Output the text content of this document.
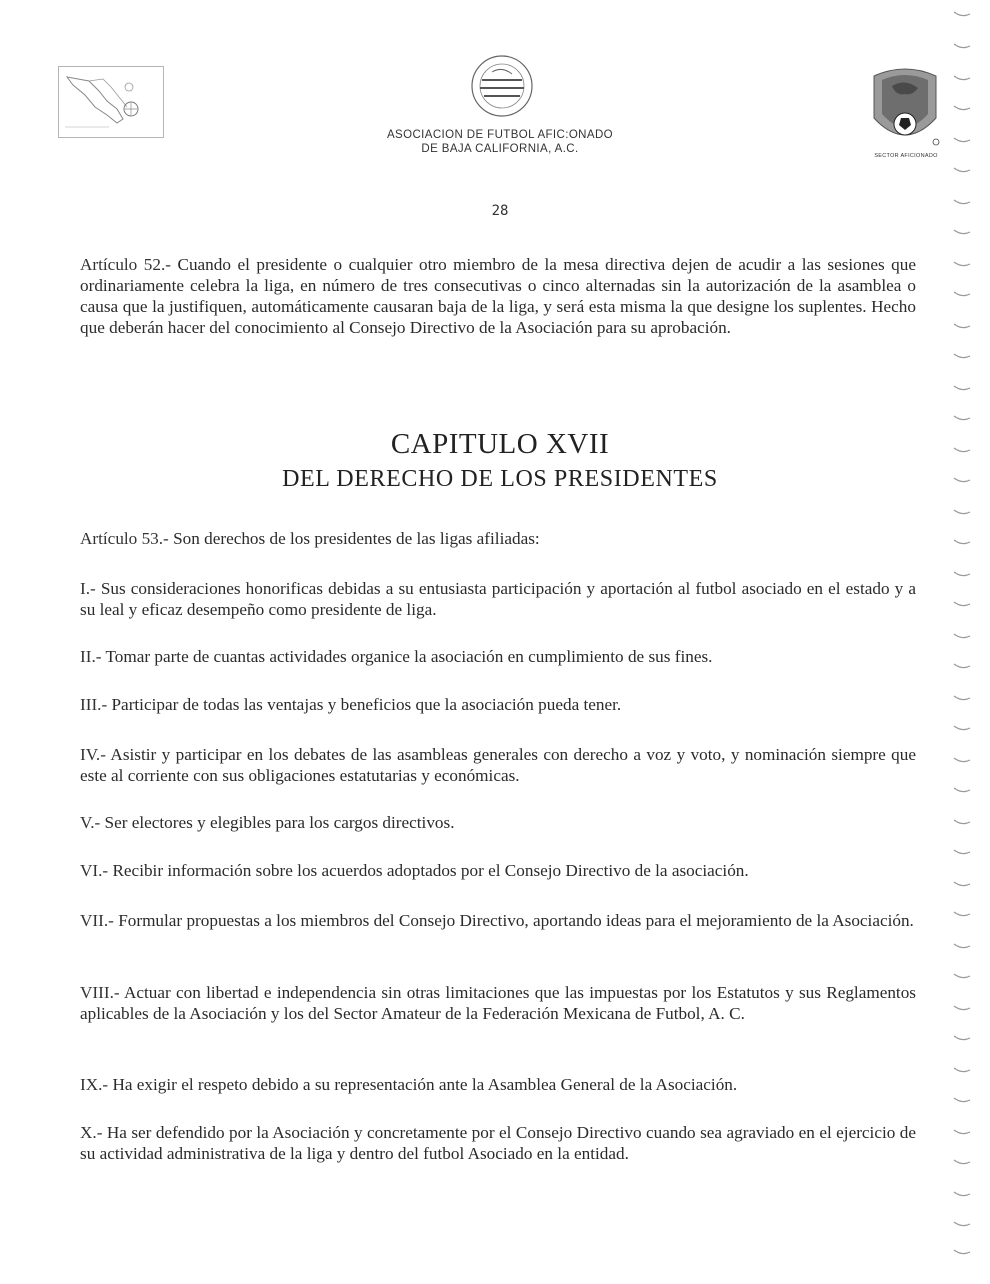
ASOCIACION DE FUTBOL AFIC:ONADO
DE BAJA CALIFORNIA, A.C.
SECTOR AFICIONADO
28
Artículo 52.- Cuando el presidente o cualquier otro miembro de la mesa directiva dejen de acudir a las sesiones que ordinariamente celebra la liga, en número de tres consecutivas o cinco alternadas sin la autorización de la asamblea o causa que la justifiquen, automáticamente causaran baja de la liga, y será esta misma la que designe los suplentes. Hecho que deberán hacer del conocimiento al Consejo Directivo de la Asociación para su aprobación.
CAPITULO XVII
DEL DERECHO DE LOS PRESIDENTES
Artículo 53.- Son derechos de los presidentes de las ligas afiliadas:
I.- Sus consideraciones honorificas debidas a su entusiasta participación y aportación al futbol asociado en el estado y a su leal y eficaz desempeño como presidente de liga.
II.- Tomar parte de cuantas actividades organice la asociación en cumplimiento de sus fines.
III.- Participar de todas las ventajas y beneficios que la asociación pueda tener.
IV.- Asistir y participar en los debates de las asambleas generales con derecho a voz y voto, y nominación siempre que este al corriente con sus obligaciones estatutarias y económicas.
V.- Ser electores y elegibles para los cargos directivos.
VI.- Recibir información sobre los acuerdos adoptados por el Consejo Directivo de la asociación.
VII.- Formular propuestas a los miembros del Consejo Directivo, aportando ideas para el mejoramiento de la Asociación.
VIII.- Actuar con libertad e independencia sin otras limitaciones que las impuestas por los Estatutos y sus Reglamentos aplicables de la Asociación y los del Sector Amateur de la Federación Mexicana de Futbol, A. C.
IX.- Ha exigir el respeto debido a su representación ante la Asamblea General de la Asociación.
X.- Ha ser defendido por la Asociación y concretamente por el Consejo Directivo cuando sea agraviado en el ejercicio de su actividad administrativa de la liga y dentro del futbol Asociado en la entidad.
